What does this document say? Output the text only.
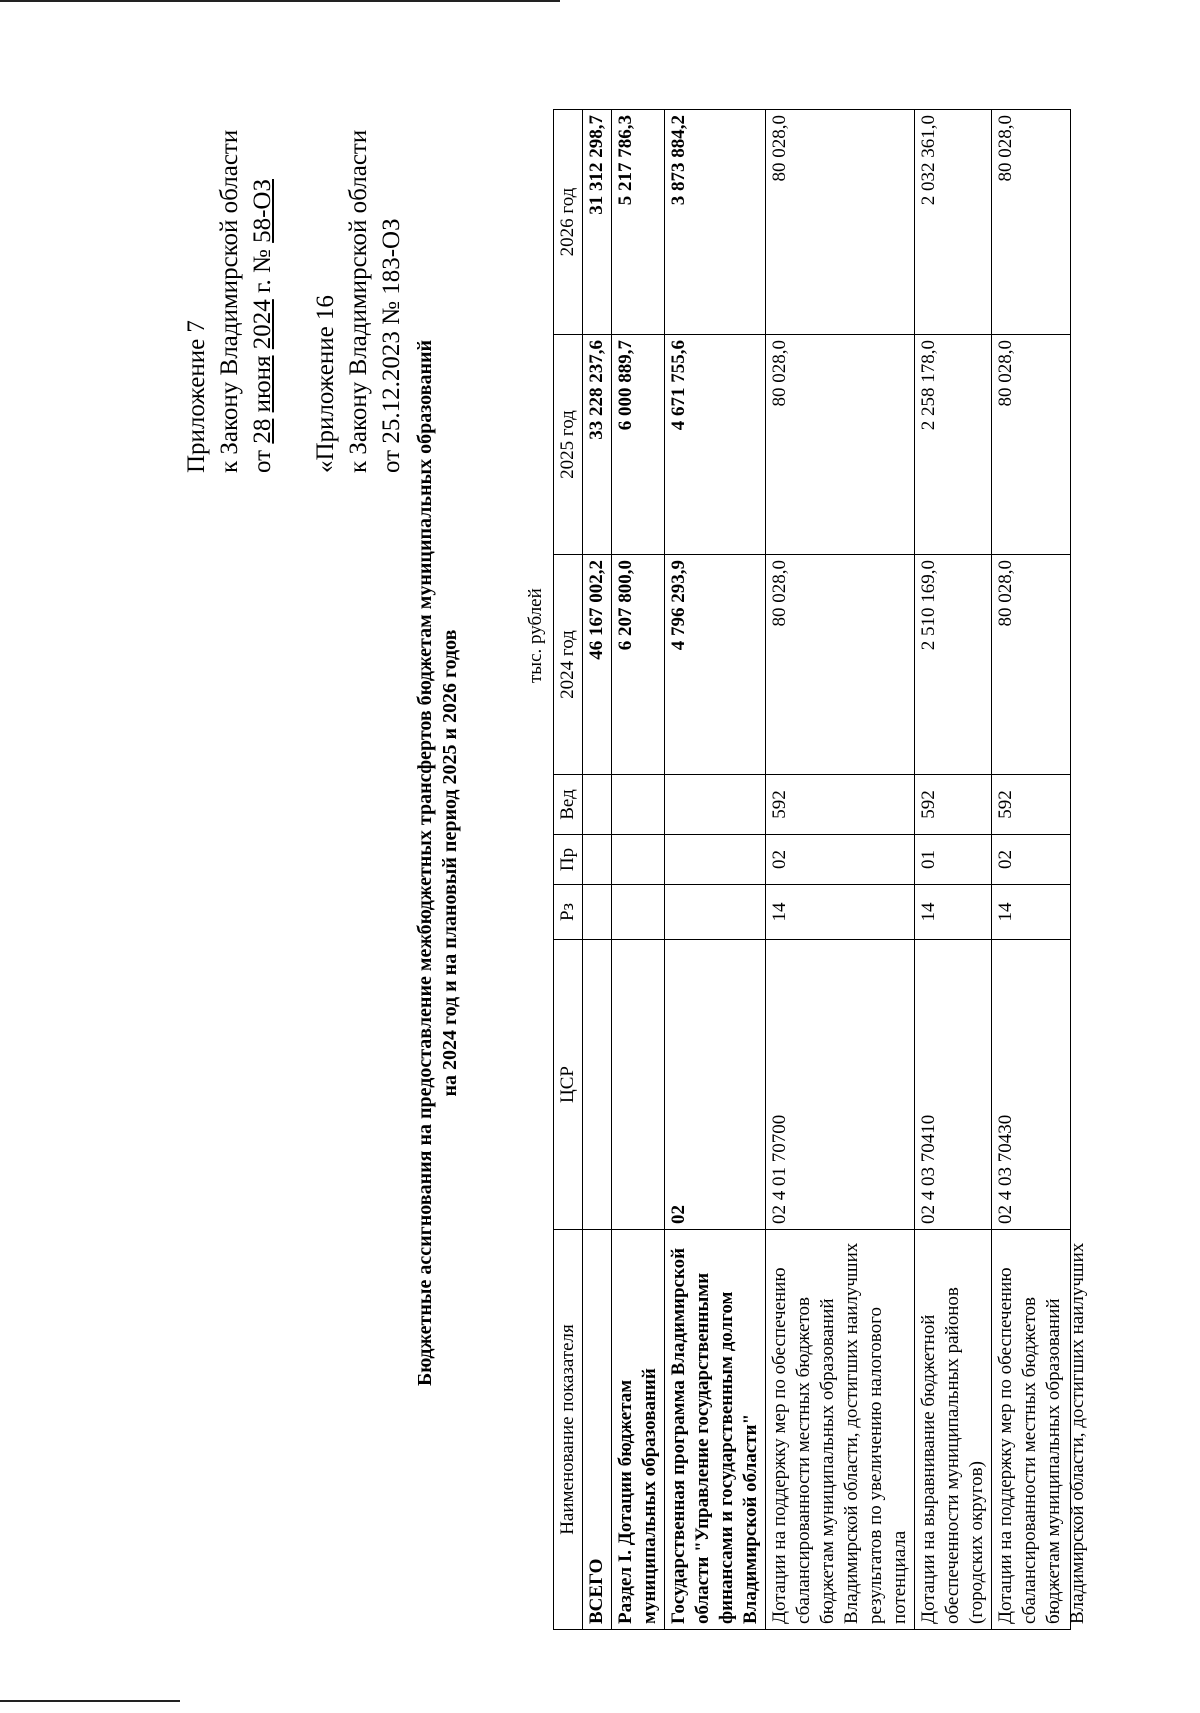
Приложение 7 к Закону Владимирской области от 28 июня 2024 г. № 58-ОЗ
«Приложение 16 к Закону Владимирской области от 25.12.2023 № 183-ОЗ Бюджетные ассигнования на предоставление межбюджетных трансфертов бюджетам муниципальных образований на 2024 год и на плановый период 2025 и 2026 годов	тыс. рублей
Наименование показателя	ЦСР	Рз	Пр	Вед	2024 год	2025 год	2026 год
ВСЕГО					46 167 002,2	33 228 237,6	31 312 298,7
Раздел I. Дотации бюджетам муниципальных образований					6 207 800,0	6 000 889,7	5 217 786,3
Государственная программа Владимирской области "Управление государственными финансами и государственным долгом Владимирской области"	02				4 796 293,9	4 671 755,6	3 873 884,2
Дотации на поддержку мер по обеспечению сбалансированности местных бюджетов бюджетам муниципальных образований Владимирской области, достигших наилучших результатов по увеличению налогового потенциала	02 4 01 70700	14	02	592	80 028,0	80 028,0	80 028,0
Дотации на выравнивание бюджетной обеспеченности муниципальных районов (городских округов)	02 4 03 70410	14	01	592	2 510 169,0	2 258 178,0	2 032 361,0

Дотации на поддержку мер по обеспечению сбалансированности местных бюджетов бюджетам муниципальных образований Владимирской области, достигших наилучших	02 4 03 70430	14	02	592	80 028,0	80 028,0	80 028,0
